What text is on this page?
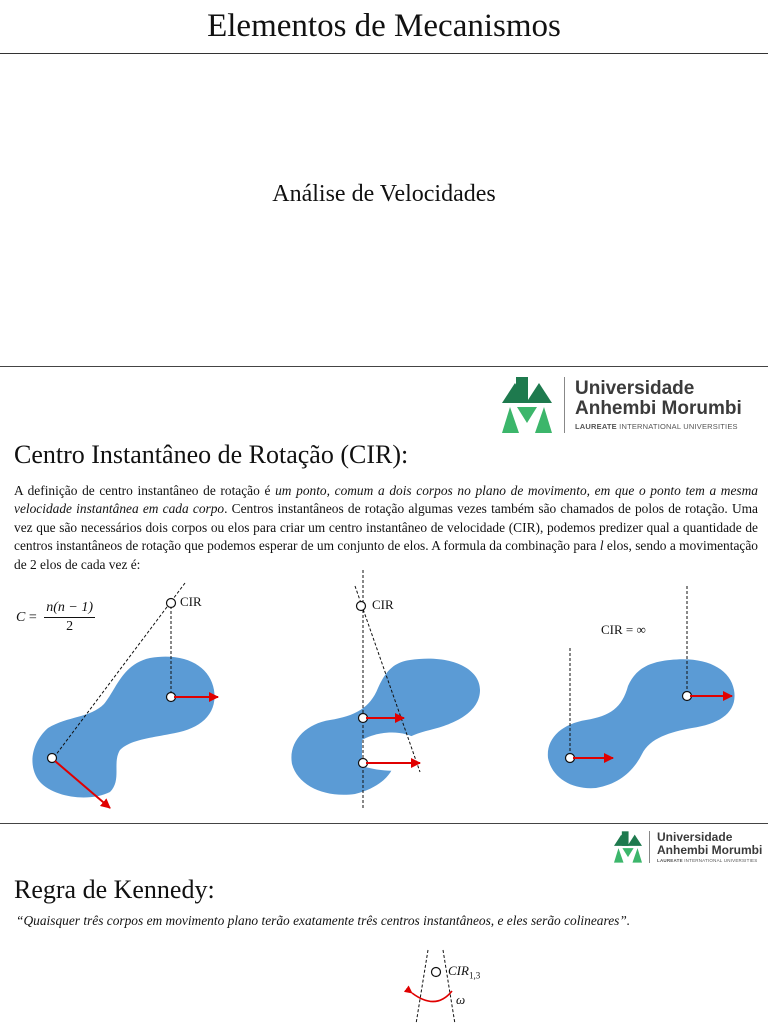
Elementos de Mecanismos
Análise de Velocidades
Universidade
Anhembi Morumbi
LAUREATE INTERNATIONAL UNIVERSITIES
Centro Instantâneo de Rotação (CIR):
A definição de centro instantâneo de rotação é um ponto, comum a dois corpos no plano de movimento, em que o ponto tem a mesma velocidade instantânea em cada corpo. Centros instantâneos de rotação algumas vezes também são chamados de polos de rotação. Uma vez que são necessários dois corpos ou elos para criar um centro instantâneo de velocidade (CIR), podemos predizer qual a quantidade de centros instantâneos de rotação que podemos esperar de um conjunto de elos. A formula da combinação para l elos, sendo a movimentação de 2 elos de cada vez é:
$C = \frac{n(n - 1)}{2}$	CIR	CIR
CIR = ∞
Universidade
Anhembi Morumbi
LAUREATE INTERNATIONAL UNIVERSITIES
Regra de Kennedy:
“Quaisquer três corpos em movimento plano terão exatamente três centros instantâneos, e eles serão colineares”.
$CIR_{1,3}$
ω
